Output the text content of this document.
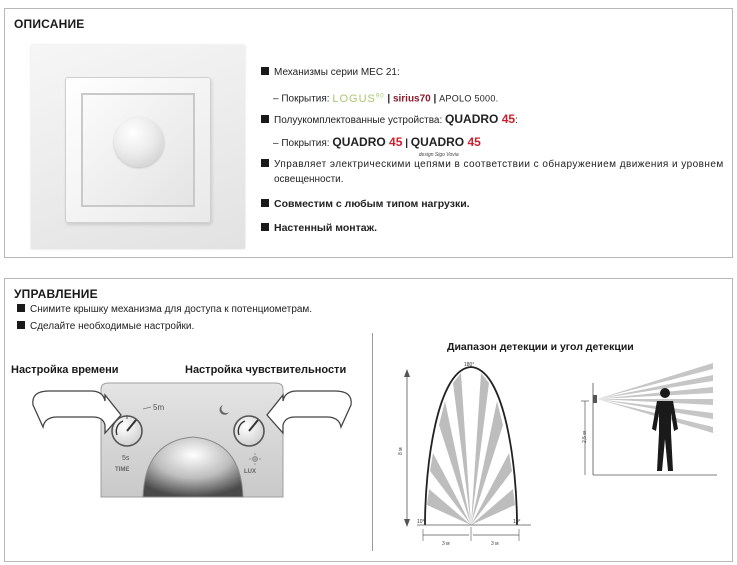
ОПИСАНИЕ
Механизмы серии MEC 21:
– Покрытия: LOGUS$^{90}$ | sirius70 | APOLO 5000.
Полуукомплектованные устройства: QUADRO 45:
– Покрытия: QUADRO 45 | QUADRO 45
design Sigo Vovia
Управляет электрическими цепями в соответствии с обнаружением движения и уровнем
освещенности.
Совместим с любым типом нагрузки.
Настенный монтаж.
УПРАВЛЕНИЕ
Снимите крышку механизма для доступа к потенциометрам.
Сделайте необходимые настройки.
Настройка времени	Настройка чувствительности
5m
5s
TIME	LUX
Диапазон детекции и угол детекции
8 м
180°
10°	10°
3 м	3 м
2,5 м
